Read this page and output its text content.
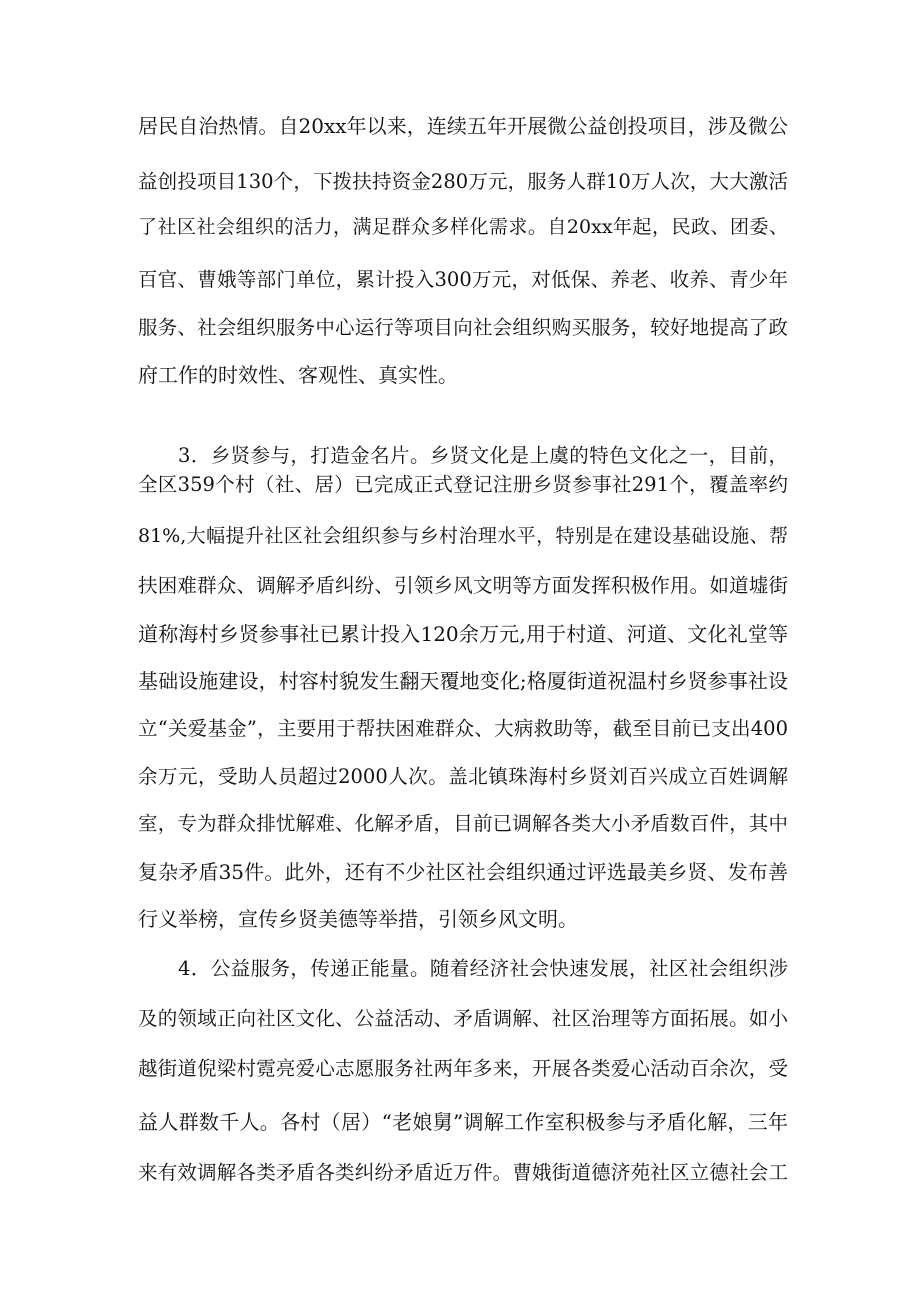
居民自治热情。自20xx年以来，连续五年开展微公益创投项目，涉及微公
益创投项目130个，下拨扶持资金280万元，服务人群10万人次，大大激活
了社区社会组织的活力，满足群众多样化需求。自20xx年起，民政、团委、
百官、曹娥等部门单位，累计投入300万元，对低保、养老、收养、青少年
服务、社会组织服务中心运行等项目向社会组织购买服务，较好地提高了政
府工作的时效性、客观性、真实性。
3．乡贤参与，打造金名片。乡贤文化是上虞的特色文化之一，目前，
全区359个村（社、居）已完成正式登记注册乡贤参事社291个，覆盖率约
81%,大幅提升社区社会组织参与乡村治理水平，特别是在建设基础设施、帮
扶困难群众、调解矛盾纠纷、引领乡风文明等方面发挥积极作用。如道墟街
道称海村乡贤参事社已累计投入120余万元,用于村道、河道、文化礼堂等
基础设施建设，村容村貌发生翻天覆地变化;格厦街道祝温村乡贤参事社设
立“关爱基金”，主要用于帮扶困难群众、大病救助等，截至目前已支出400
余万元，受助人员超过2000人次。盖北镇珠海村乡贤刘百兴成立百姓调解
室，专为群众排忧解难、化解矛盾，目前已调解各类大小矛盾数百件，其中
复杂矛盾35件。此外，还有不少社区社会组织通过评选最美乡贤、发布善
行义举榜，宣传乡贤美德等举措，引领乡风文明。
4．公益服务，传递正能量。随着经济社会快速发展，社区社会组织涉
及的领域正向社区文化、公益活动、矛盾调解、社区治理等方面拓展。如小
越街道倪梁村霓亮爱心志愿服务社两年多来，开展各类爱心活动百余次，受
益人群数千人。各村（居）“老娘舅”调解工作室积极参与矛盾化解，三年
来有效调解各类矛盾各类纠纷矛盾近万件。曹娥街道德济苑社区立德社会工
